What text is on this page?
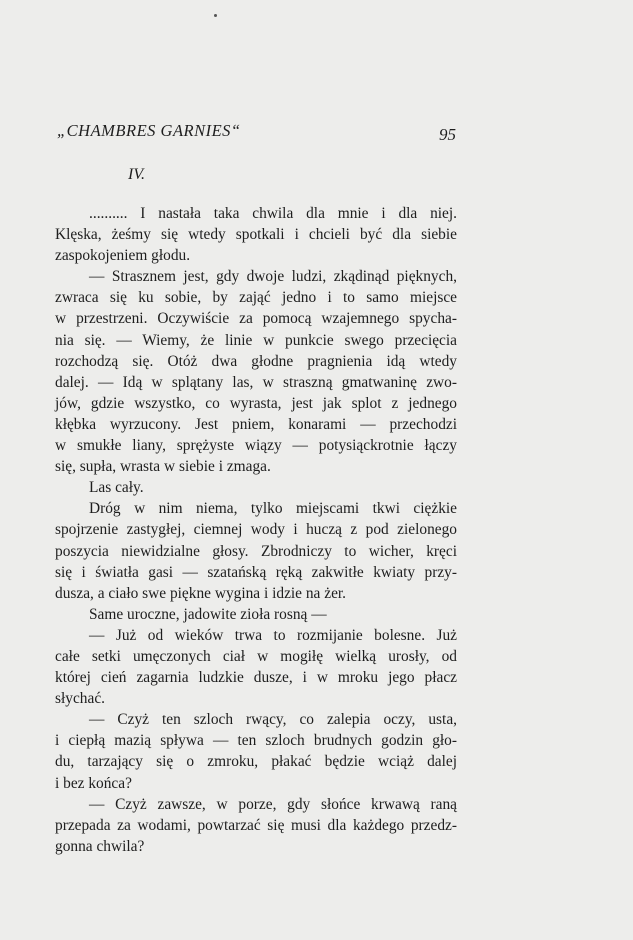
„CHAMBRES GARNIES“	95
IV.
.......... I nastała taka chwila dla mnie i dla niej.
Klęska, żeśmy się wtedy spotkali i chcieli być dla siebie
zaspokojeniem głodu.
— Strasznem jest, gdy dwoje ludzi, zkądinąd pięknych,
zwraca się ku sobie, by zająć jedno i to samo miejsce
w przestrzeni. Oczywiście za pomocą wzajemnego spycha-
nia się. — Wiemy, że linie w punkcie swego przecięcia
rozchodzą się. Otóż dwa głodne pragnienia idą wtedy
dalej. — Idą w splątany las, w straszną gmatwaninę zwo-
jów, gdzie wszystko, co wyrasta, jest jak splot z jednego
kłębka wyrzucony. Jest pniem, konarami — przechodzi
w smukłe liany, sprężyste wiązy — potysiąckrotnie łączy
się, supła, wrasta w siebie i zmaga.
Las cały.
Dróg w nim niema, tylko miejscami tkwi ciężkie
spojrzenie zastygłej, ciemnej wody i huczą z pod zielonego
poszycia niewidzialne głosy. Zbrodniczy to wicher, kręci
się i światła gasi — szatańską ręką zakwitłe kwiaty przy-
dusza, a ciało swe piękne wygina i idzie na żer.
Same uroczne, jadowite zioła rosną —
— Już od wieków trwa to rozmijanie bolesne. Już
całe setki umęczonych ciał w mogiłę wielką urosły, od
której cień zagarnia ludzkie dusze, i w mroku jego płacz
słychać.
— Czyż ten szloch rwący, co zalepia oczy, usta,
i ciepłą mazią spływa — ten szloch brudnych godzin gło-
du, tarzający się o zmroku, płakać będzie wciąż dalej
i bez końca?
— Czyż zawsze, w porze, gdy słońce krwawą raną
przepada za wodami, powtarzać się musi dla każdego przedz-
gonna chwila?
